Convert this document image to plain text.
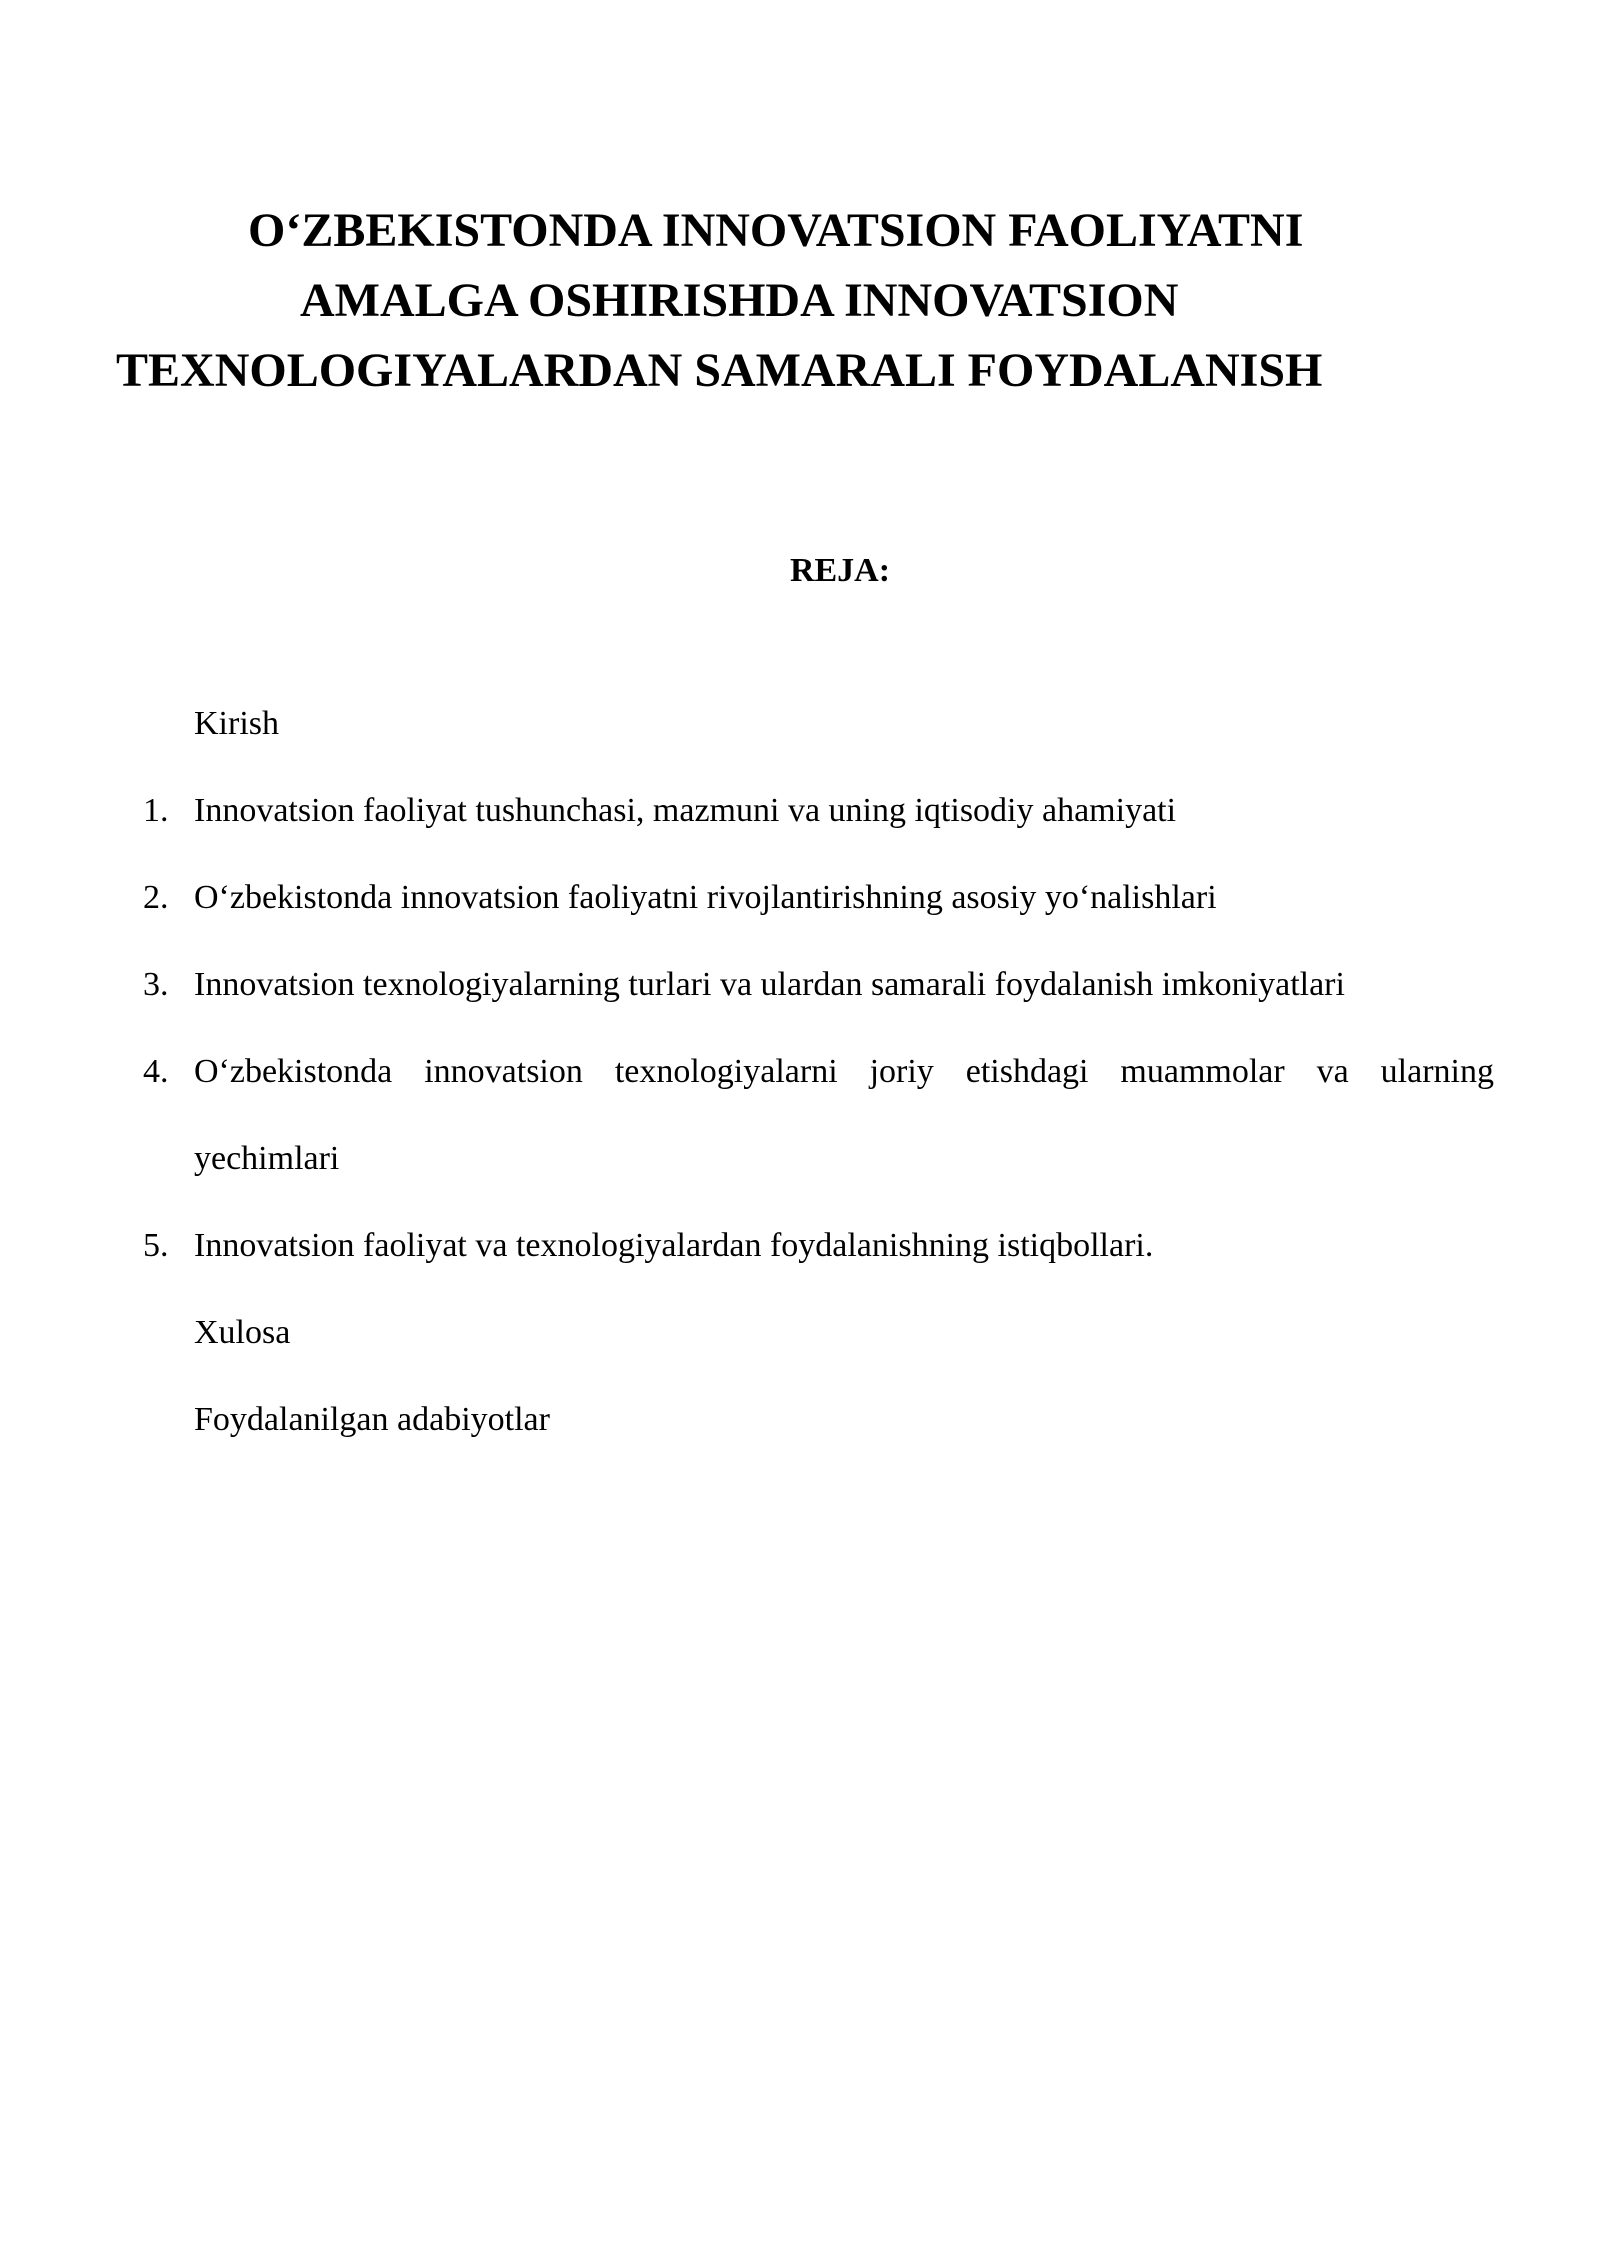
O‘ZBEKISTONDA INNOVATSION FAOLIYATNI
AMALGA OSHIRISHDA INNOVATSION
TEXNOLOGIYALARDAN SAMARALI FOYDALANISH
REJA:
Kirish
1. Innovatsion faoliyat tushunchasi, mazmuni va uning iqtisodiy ahamiyati
2. O‘zbekistonda innovatsion faoliyatni rivojlantirishning asosiy yo‘nalishlari
3. Innovatsion texnologiyalarning turlari va ulardan samarali foydalanish imkoniyatlari
4. O‘zbekistonda innovatsion texnologiyalarni joriy etishdagi muammolar va ularning
yechimlari
5. Innovatsion faoliyat va texnologiyalardan foydalanishning istiqbollari.
Xulosa
Foydalanilgan adabiyotlar
